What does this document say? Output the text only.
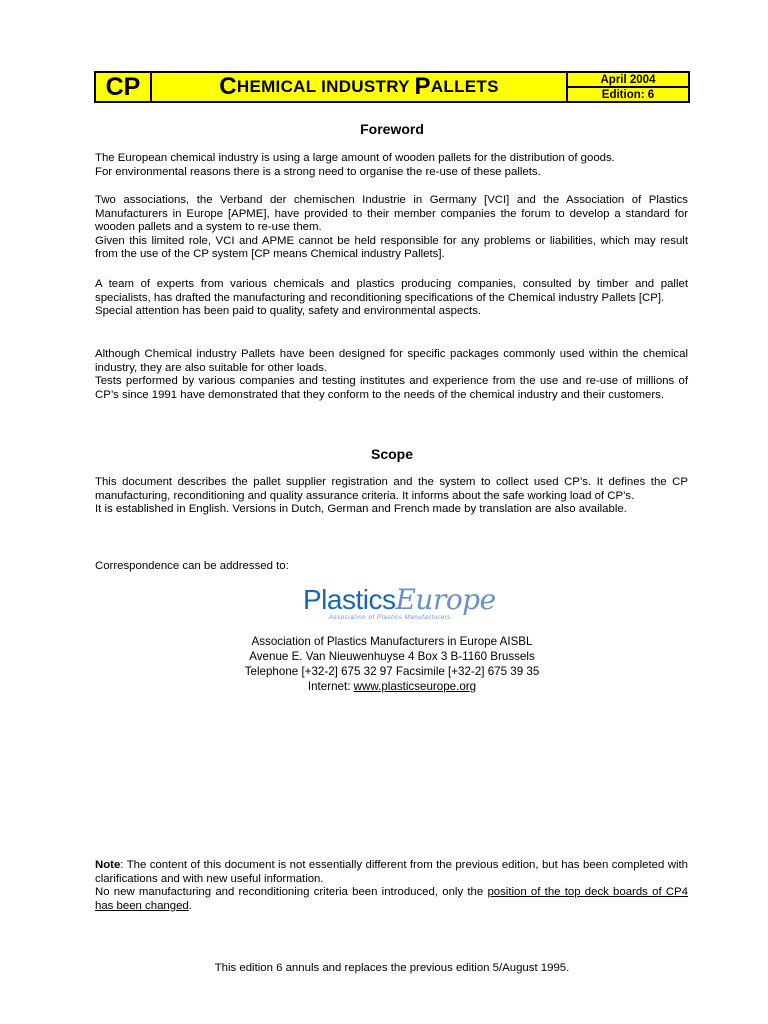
CP	C HEMICAL INDUSTRY P ALLETS	April 2004
Edition: 6
Foreword

The European chemical industry is using a large amount of wooden pallets for the distribution of goods.

For environmental reasons there is a strong need to organise the re-use of these pallets.

Two associations, the Verband der chemischen Industrie in Germany [VCI] and the Association of Plastics Manufacturers in Europe [APME], have provided to their member companies the forum to develop a standard for wooden pallets and a system to re-use them.

Given this limited role, VCI and APME cannot be held responsible for any problems or liabilities, which may result from the use of the CP system [CP means Chemical industry Pallets].

A team of experts from various chemicals and plastics producing companies, consulted by timber and pallet specialists, has drafted the manufacturing and reconditioning specifications of the Chemical industry Pallets [CP].

Special attention has been paid to quality, safety and environmental aspects.

Although Chemical industry Pallets have been designed for specific packages commonly used within the chemical industry, they are also suitable for other loads.

Tests performed by various companies and testing institutes and experience from the use and re-use of millions of CP’s since 1991 have demonstrated that they conform to the needs of the chemical industry and their customers.

Scope

This document describes the pallet supplier registration and the system to collect used CP’s. It defines the CP manufacturing, reconditioning and quality assurance criteria. It informs about the safe working load of CP’s.

It is established in English. Versions in Dutch, German and French made by translation are also available.

Correspondence can be addressed to:

PlasticsEurope
Association of Plastics Manufacturers
Association of Plastics Manufacturers in Europe AISBL
Avenue E. Van Nieuwenhuyse 4 Box 3 B-1160 Brussels
Telephone [+32-2] 675 32 97 Facsimile [+32-2] 675 39 35
Internet: www.plasticseurope.org

Note: The content of this document is not essentially different from the previous edition, but has been completed with clarifications and with new useful information.

No new manufacturing and reconditioning criteria been introduced, only the position of the top deck boards of CP4 has been changed.

This edition 6 annuls and replaces the previous edition 5/August 1995.
